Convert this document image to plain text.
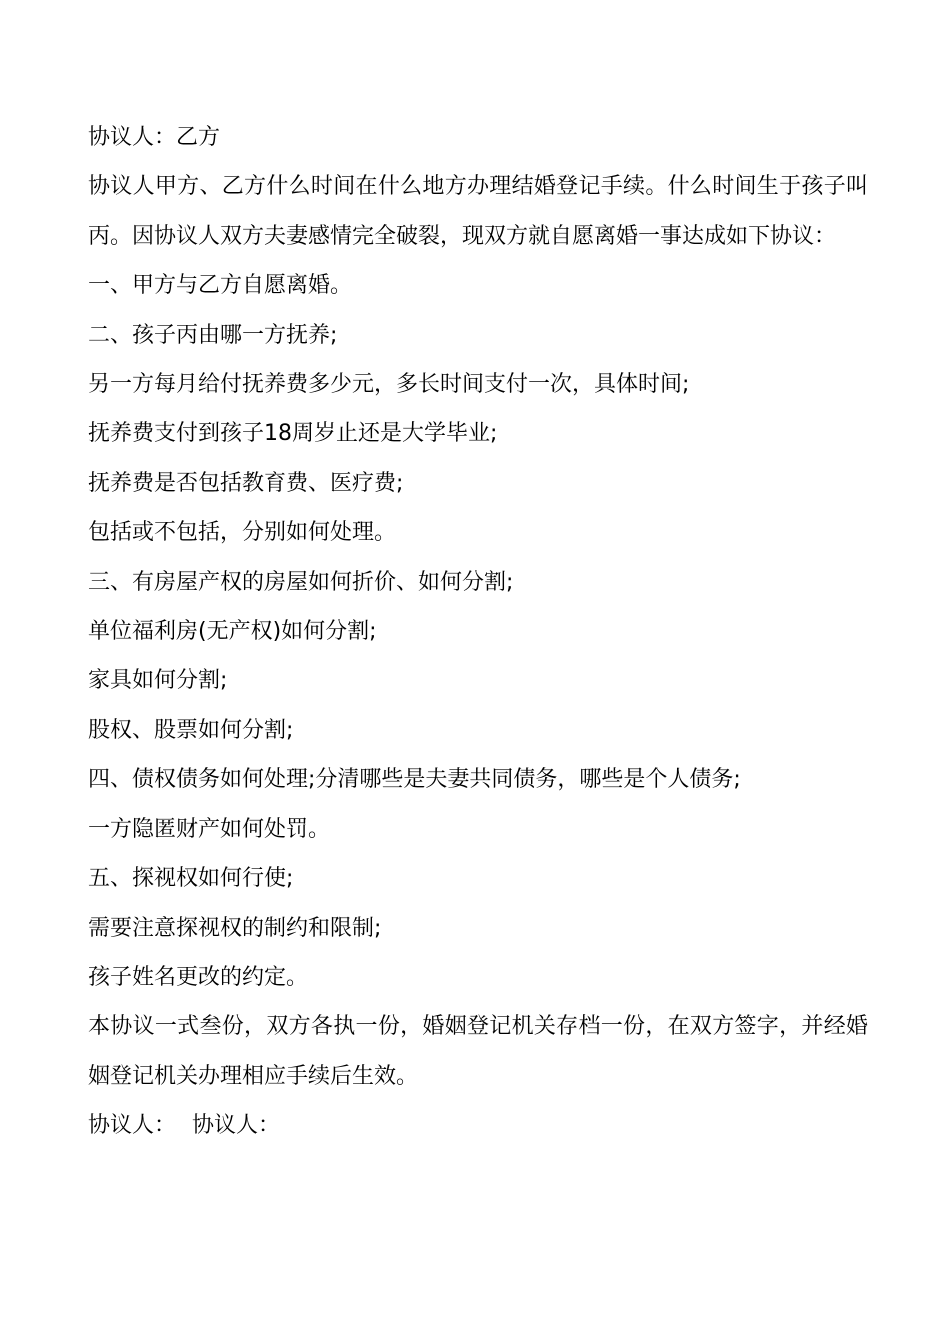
协议人：乙方

协议人甲方、乙方什么时间在什么地方办理结婚登记手续。什么时间生于孩子叫丙。因协议人双方夫妻感情完全破裂，现双方就自愿离婚一事达成如下协议：

一、甲方与乙方自愿离婚。

二、孩子丙由哪一方抚养;

另一方每月给付抚养费多少元，多长时间支付一次，具体时间;

抚养费支付到孩子18周岁止还是大学毕业;

抚养费是否包括教育费、医疗费;

包括或不包括，分别如何处理。

三、有房屋产权的房屋如何折价、如何分割;

单位福利房(无产权)如何分割;

家具如何分割;

股权、股票如何分割;

四、债权债务如何处理;分清哪些是夫妻共同债务，哪些是个人债务;

一方隐匿财产如何处罚。

五、探视权如何行使;

需要注意探视权的制约和限制;

孩子姓名更改的约定。

本协议一式叁份，双方各执一份，婚姻登记机关存档一份，在双方签字，并经婚姻登记机关办理相应手续后生效。

协议人： 协议人：
